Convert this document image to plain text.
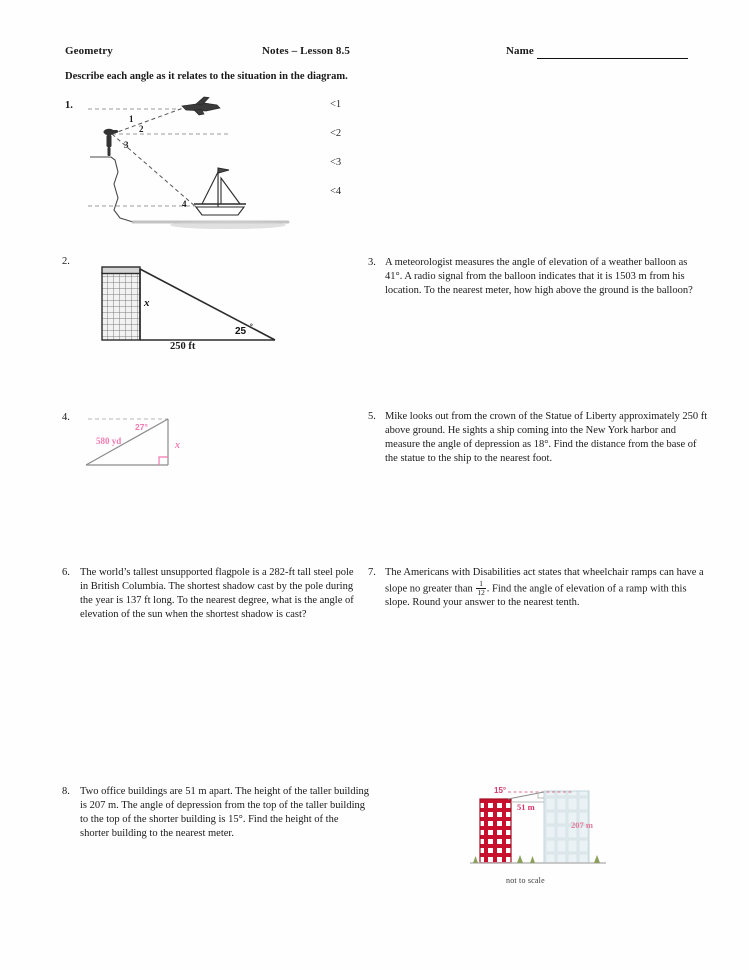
Geometry	Notes – Lesson 8.5	Name
Describe each angle as it relates to the situation in the diagram.
1.
1
2
3
4
<1
<2
<3
<4
2.
x
25 °
250 ft
3. A meteorologist measures the angle of elevation of a weather balloon as 41°. A radio signal from the balloon indicates that it is 1503 m from his location. To the nearest meter, how high above the ground is the balloon?
4.
27°
580 yd	x
5. Mike looks out from the crown of the Statue of Liberty approximately 250 ft above ground. He sights a ship coming into the New York harbor and measure the angle of depression as 18°. Find the distance from the base of the statue to the ship to the nearest foot.
6. The world’s tallest unsupported flagpole is a 282-ft tall steel pole in British Columbia. The shortest shadow cast by the pole during the year is 137 ft long. To the nearest degree, what is the angle of elevation of the sun when the shortest shadow is cast?
7. The Americans with Disabilities act states that wheelchair ramps can have a slope no greater than $\frac{1}{12}$ . Find the angle of elevation of a ramp with this slope. Round your answer to the nearest tenth.
8. Two office buildings are 51 m apart. The height of the taller building is 207 m. The angle of depression from the top of the taller building to the top of the shorter building is 15°. Find the height of the shorter building to the nearest meter.
15°
51 m
207 m
not to scale
